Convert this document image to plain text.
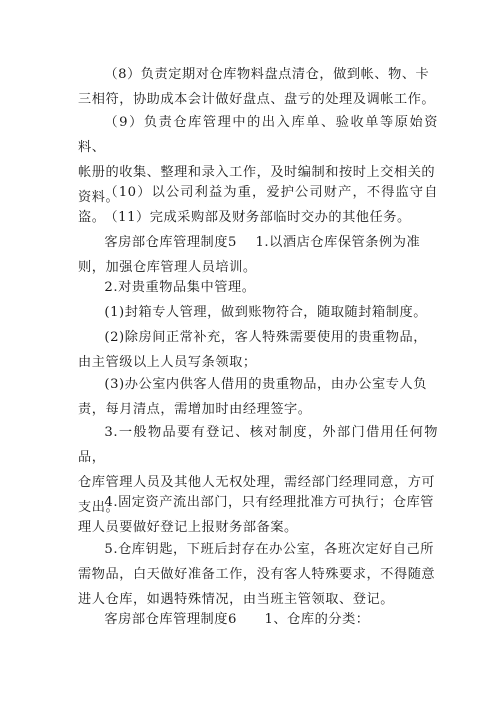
（8）负责定期对仓库物料盘点清仓，做到帐、物、卡
三相符，协助成本会计做好盘点、盘亏的处理及调帐工作。

（9）负责仓库管理中的出入库单、验收单等原始资料、
帐册的收集、整理和录入工作，及时编制和按时上交相关的
资料。

（10）以公司利益为重，爱护公司财产，不得监守自盗。

（11）完成采购部及财务部临时交办的其他任务。

客房部仓库管理制度5　 1.以酒店仓库保管条例为准
则，加强仓库管理人员培训。

2.对贵重物品集中管理。

(1)封箱专人管理，做到账物符合，随取随封箱制度。

(2)除房间正常补充，客人特殊需要使用的贵重物品，
由主管级以上人员写条领取；

(3)办公室内供客人借用的贵重物品，由办公室专人负
责，每月清点，需增加时由经理签字。

3.一般物品要有登记、核对制度，外部门借用任何物品，
仓库管理人员及其他人无权处理，需经部门经理同意，方可
支出。

4.固定资产流出部门，只有经理批准方可执行；仓库管
理人员要做好登记上报财务部备案。

5.仓库钥匙，下班后封存在办公室，各班次定好自己所
需物品，白天做好准备工作，没有客人特殊要求，不得随意
进人仓库，如遇特殊情况，由当班主管领取、登记。

客房部仓库管理制度6　　1、仓库的分类：
